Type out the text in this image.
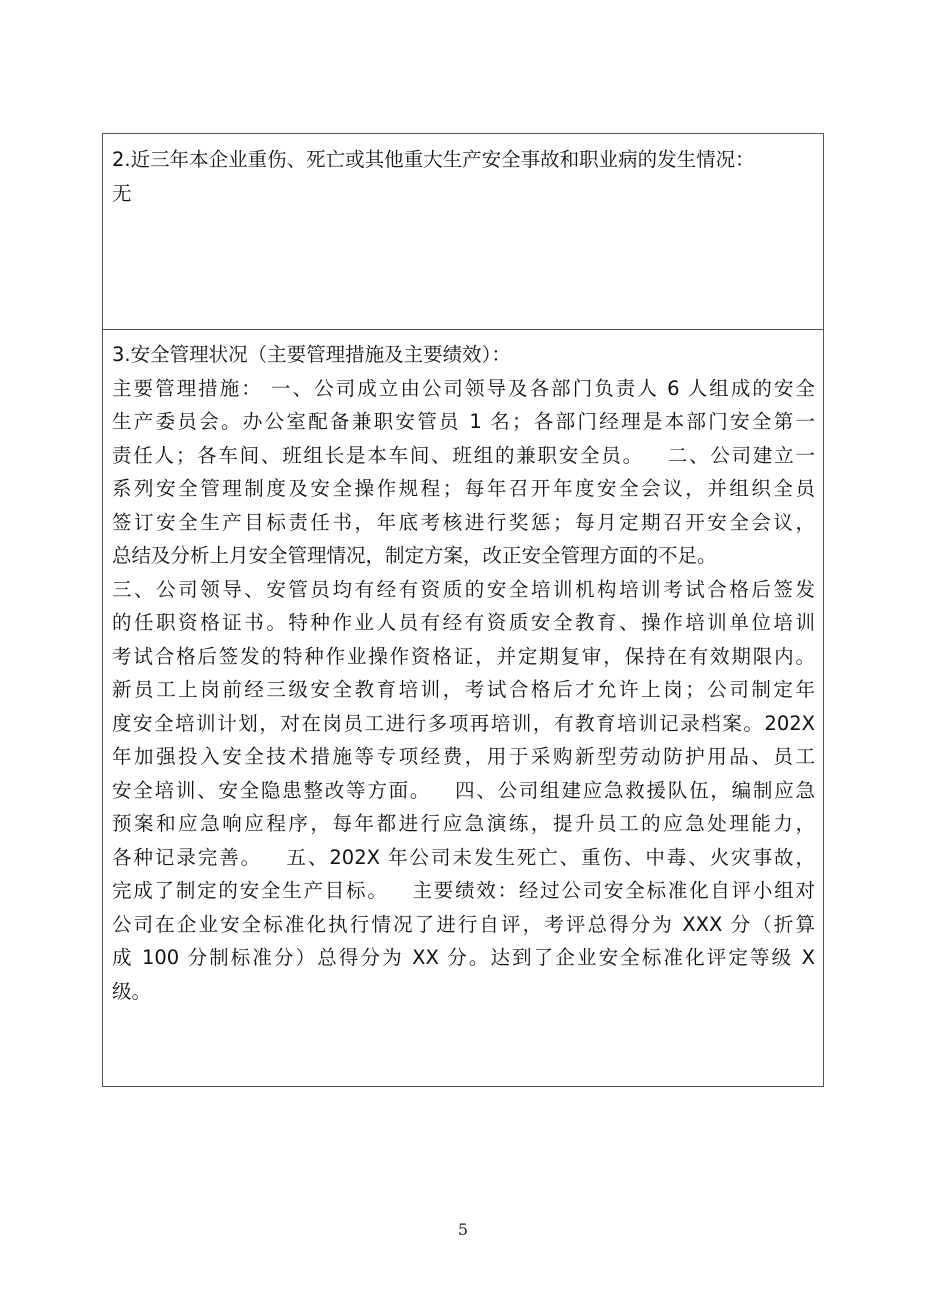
2.近三年本企业重伤、死亡或其他重大生产安全事故和职业病的发生情况：
无
3.安全管理状况（主要管理措施及主要绩效）：
主要管理措施： 一、公司成立由公司领导及各部门负责人 6 人组成的安全
生产委员会。办公室配备兼职安管员 1 名；各部门经理是本部门安全第一
责任人；各车间、班组长是本车间、班组的兼职安全员。   二、公司建立一
系列安全管理制度及安全操作规程；每年召开年度安全会议，并组织全员
签订安全生产目标责任书，年底考核进行奖惩；每月定期召开安全会议，
总结及分析上月安全管理情况，制定方案，改正安全管理方面的不足。
三、公司领导、安管员均有经有资质的安全培训机构培训考试合格后签发
的任职资格证书。特种作业人员有经有资质安全教育、操作培训单位培训
考试合格后签发的特种作业操作资格证，并定期复审，保持在有效期限内。
新员工上岗前经三级安全教育培训，考试合格后才允许上岗；公司制定年
度安全培训计划，对在岗员工进行多项再培训，有教育培训记录档案。202X
年加强投入安全技术措施等专项经费，用于采购新型劳动防护用品、员工
安全培训、安全隐患整改等方面。   四、公司组建应急救援队伍，编制应急
预案和应急响应程序，每年都进行应急演练，提升员工的应急处理能力，
各种记录完善。   五、202X 年公司未发生死亡、重伤、中毒、火灾事故，
完成了制定的安全生产目标。   主要绩效：经过公司安全标准化自评小组对
公司在企业安全标准化执行情况了进行自评，考评总得分为 XXX 分（折算
成 100 分制标准分）总得分为 XX 分。达到了企业安全标准化评定等级 X
级。
5
